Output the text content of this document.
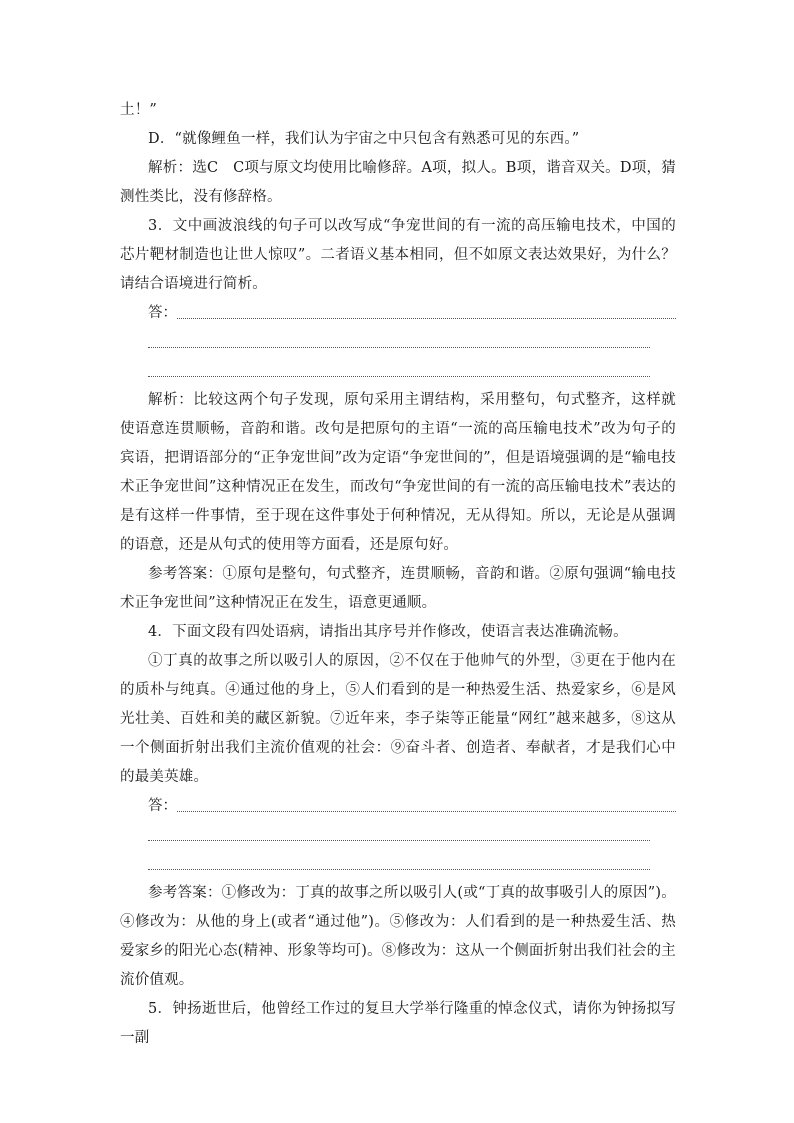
土！”

D．“就像鲤鱼一样，我们认为宇宙之中只包含有熟悉可见的东西。”

解析：选C　C项与原文均使用比喻修辞。A项，拟人。B项，谐音双关。D项，猜测性类比，没有修辞格。

3．文中画波浪线的句子可以改写成“争宠世间的有一流的高压输电技术，中国的芯片靶材制造也让世人惊叹”。二者语义基本相同，但不如原文表达效果好，为什么？请结合语境进行简析。

答：

解析：比较这两个句子发现，原句采用主谓结构，采用整句，句式整齐，这样就使语意连贯顺畅，音韵和谐。改句是把原句的主语“一流的高压输电技术”改为句子的宾语，把谓语部分的“正争宠世间”改为定语“争宠世间的”，但是语境强调的是“输电技术正争宠世间”这种情况正在发生，而改句“争宠世间的有一流的高压输电技术”表达的是有这样一件事情，至于现在这件事处于何种情况，无从得知。所以，无论是从强调的语意，还是从句式的使用等方面看，还是原句好。

参考答案：①原句是整句，句式整齐，连贯顺畅，音韵和谐。②原句强调“输电技术正争宠世间”这种情况正在发生，语意更通顺。

4．下面文段有四处语病，请指出其序号并作修改，使语言表达准确流畅。

①丁真的故事之所以吸引人的原因，②不仅在于他帅气的外型，③更在于他内在的质朴与纯真。④通过他的身上，⑤人们看到的是一种热爱生活、热爱家乡，⑥是风光壮美、百姓和美的藏区新貌。⑦近年来，李子柒等正能量“网红”越来越多，⑧这从一个侧面折射出我们主流价值观的社会：⑨奋斗者、创造者、奉献者，才是我们心中的最美英雄。

答：

参考答案：①修改为：丁真的故事之所以吸引人(或“丁真的故事吸引人的原因”)。④修改为：从他的身上(或者“通过他”)。⑤修改为：人们看到的是一种热爱生活、热爱家乡的阳光心态(精神、形象等均可)。⑧修改为：这从一个侧面折射出我们社会的主流价值观。

5．钟扬逝世后，他曾经工作过的复旦大学举行隆重的悼念仪式，请你为钟扬拟写一副
